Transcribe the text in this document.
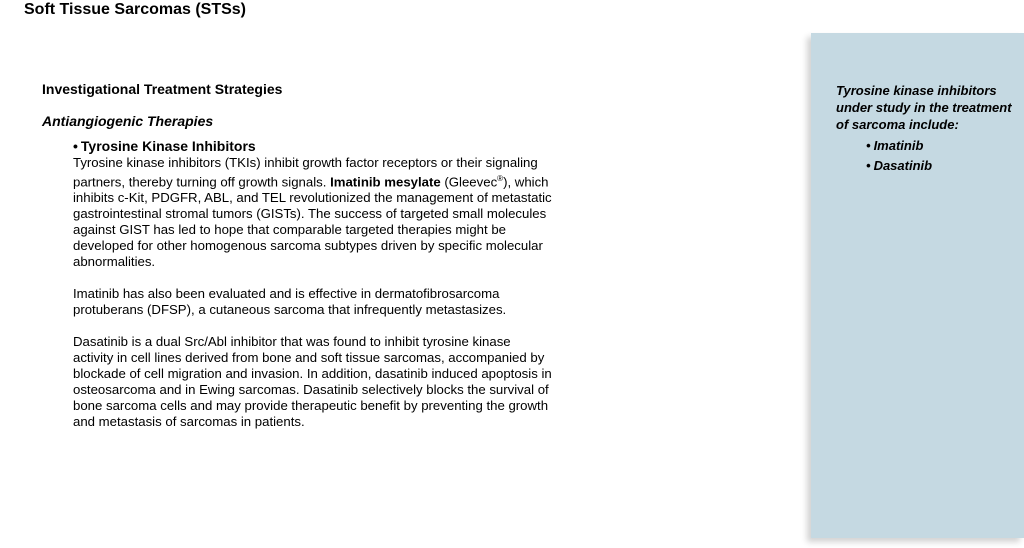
Soft Tissue Sarcomas (STSs)
Investigational Treatment Strategies
Antiangiogenic Therapies

• Tyrosine Kinase Inhibitors

Tyrosine kinase inhibitors (TKIs) inhibit growth factor receptors or their signaling partners, thereby turning off growth signals. Imatinib mesylate (Gleevec®), which inhibits c-Kit, PDGFR, ABL, and TEL revolutionized the management of metastatic gastrointestinal stromal tumors (GISTs). The success of targeted small molecules against GIST has led to hope that comparable targeted therapies might be developed for other homogenous sarcoma subtypes driven by specific molecular abnormalities.

Imatinib has also been evaluated and is effective in dermatofibrosarcoma protuberans (DFSP), a cutaneous sarcoma that infrequently metastasizes.

Dasatinib is a dual Src/Abl inhibitor that was found to inhibit tyrosine kinase activity in cell lines derived from bone and soft tissue sarcomas, accompanied by blockade of cell migration and invasion. In addition, dasatinib induced apoptosis in osteosarcoma and in Ewing sarcomas. Dasatinib selectively blocks the survival of bone sarcoma cells and may provide therapeutic benefit by preventing the growth and metastasis of sarcomas in patients.

Tyrosine kinase inhibitors under study in the treatment of sarcoma include:

• Imatinib
• Dasatinib
